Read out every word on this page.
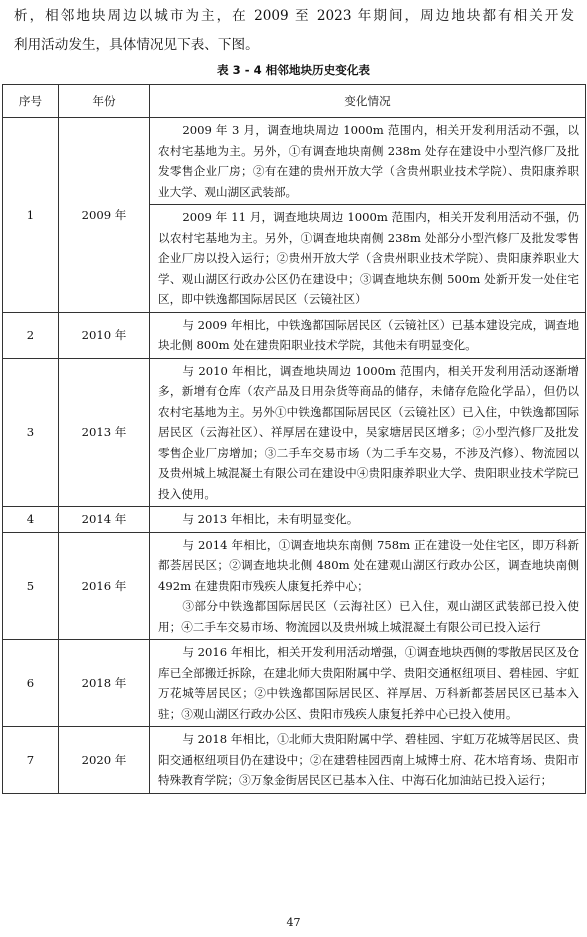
析，相邻地块周边以城市为主，在 2009 至 2023 年期间，周边地块都有相关开发
利用活动发生，具体情况见下表、下图。
表 3 - 4 相邻地块历史变化表
序号	年份	变化情况
1	2009 年	2009 年 3 月，调查地块周边 1000m 范围内，相关开发利用活动不强，以农村宅基地为主。另外，①有调查地块南侧 238m 处存在建设中小型汽修厂及批发零售企业厂房；②有在建的贵州开放大学（含贵州职业技术学院）、贵阳康养职业大学、观山湖区武装部。

		2009 年 11 月，调查地块周边 1000m 范围内，相关开发利用活动不强，仍以农村宅基地为主。另外，①调查地块南侧 238m 处部分小型汽修厂及批发零售企业厂房以投入运行；②贵州开放大学（含贵州职业技术学院）、贵阳康养职业大学、观山湖区行政办公区仍在建设中；③调查地块东侧 500m 处新开发一处住宅区，即中铁逸都国际居民区（云镜社区）

2	2010 年	与 2009 年相比，中铁逸都国际居民区（云镜社区）已基本建设完成，调查地块北侧 800m 处在建贵阳职业技术学院，其他未有明显变化。

3	2013 年	与 2010 年相比，调查地块周边 1000m 范围内，相关开发利用活动逐渐增多，新增有仓库（农产品及日用杂货等商品的储存，未储存危险化学品），但仍以农村宅基地为主。另外①中铁逸都国际居民区（云镜社区）已入住，中铁逸都国际居民区（云海社区）、祥厚居在建设中，吴家塘居民区增多；②小型汽修厂及批发零售企业厂房增加；③二手车交易市场（为二手车交易，不涉及汽修）、物流园以及贵州城上城混凝土有限公司在建设中④贵阳康养职业大学、贵阳职业技术学院已投入使用。

4	2014 年	与 2013 年相比，未有明显变化。

5	2016 年	与 2014 年相比，①调查地块东南侧 758m 正在建设一处住宅区，即万科新都荟居民区；②调查地块北侧 480m 处在建观山湖区行政办公区，调查地块南侧 492m 在建贵阳市残疾人康复托养中心；

③部分中铁逸都国际居民区（云海社区）已入住，观山湖区武装部已投入使用；④二手车交易市场、物流园以及贵州城上城混凝土有限公司已投入运行

6	2018 年	与 2016 年相比，相关开发利用活动增强，①调查地块西侧的零散居民区及仓库已全部搬迁拆除，在建北师大贵阳附属中学、贵阳交通枢纽项目、碧桂园、宇虹万花城等居民区；②中铁逸都国际居民区、祥厚居、万科新都荟居民区已基本入驻；③观山湖区行政办公区、贵阳市残疾人康复托养中心已投入使用。

7	2020 年	与 2018 年相比，①北师大贵阳附属中学、碧桂园、宇虹万花城等居民区、贵阳交通枢纽项目仍在建设中；②在建碧桂园西南上城博士府、花木培育场、贵阳市特殊教育学院；③万象金街居民区已基本入住、中海石化加油站已投入运行；

47
